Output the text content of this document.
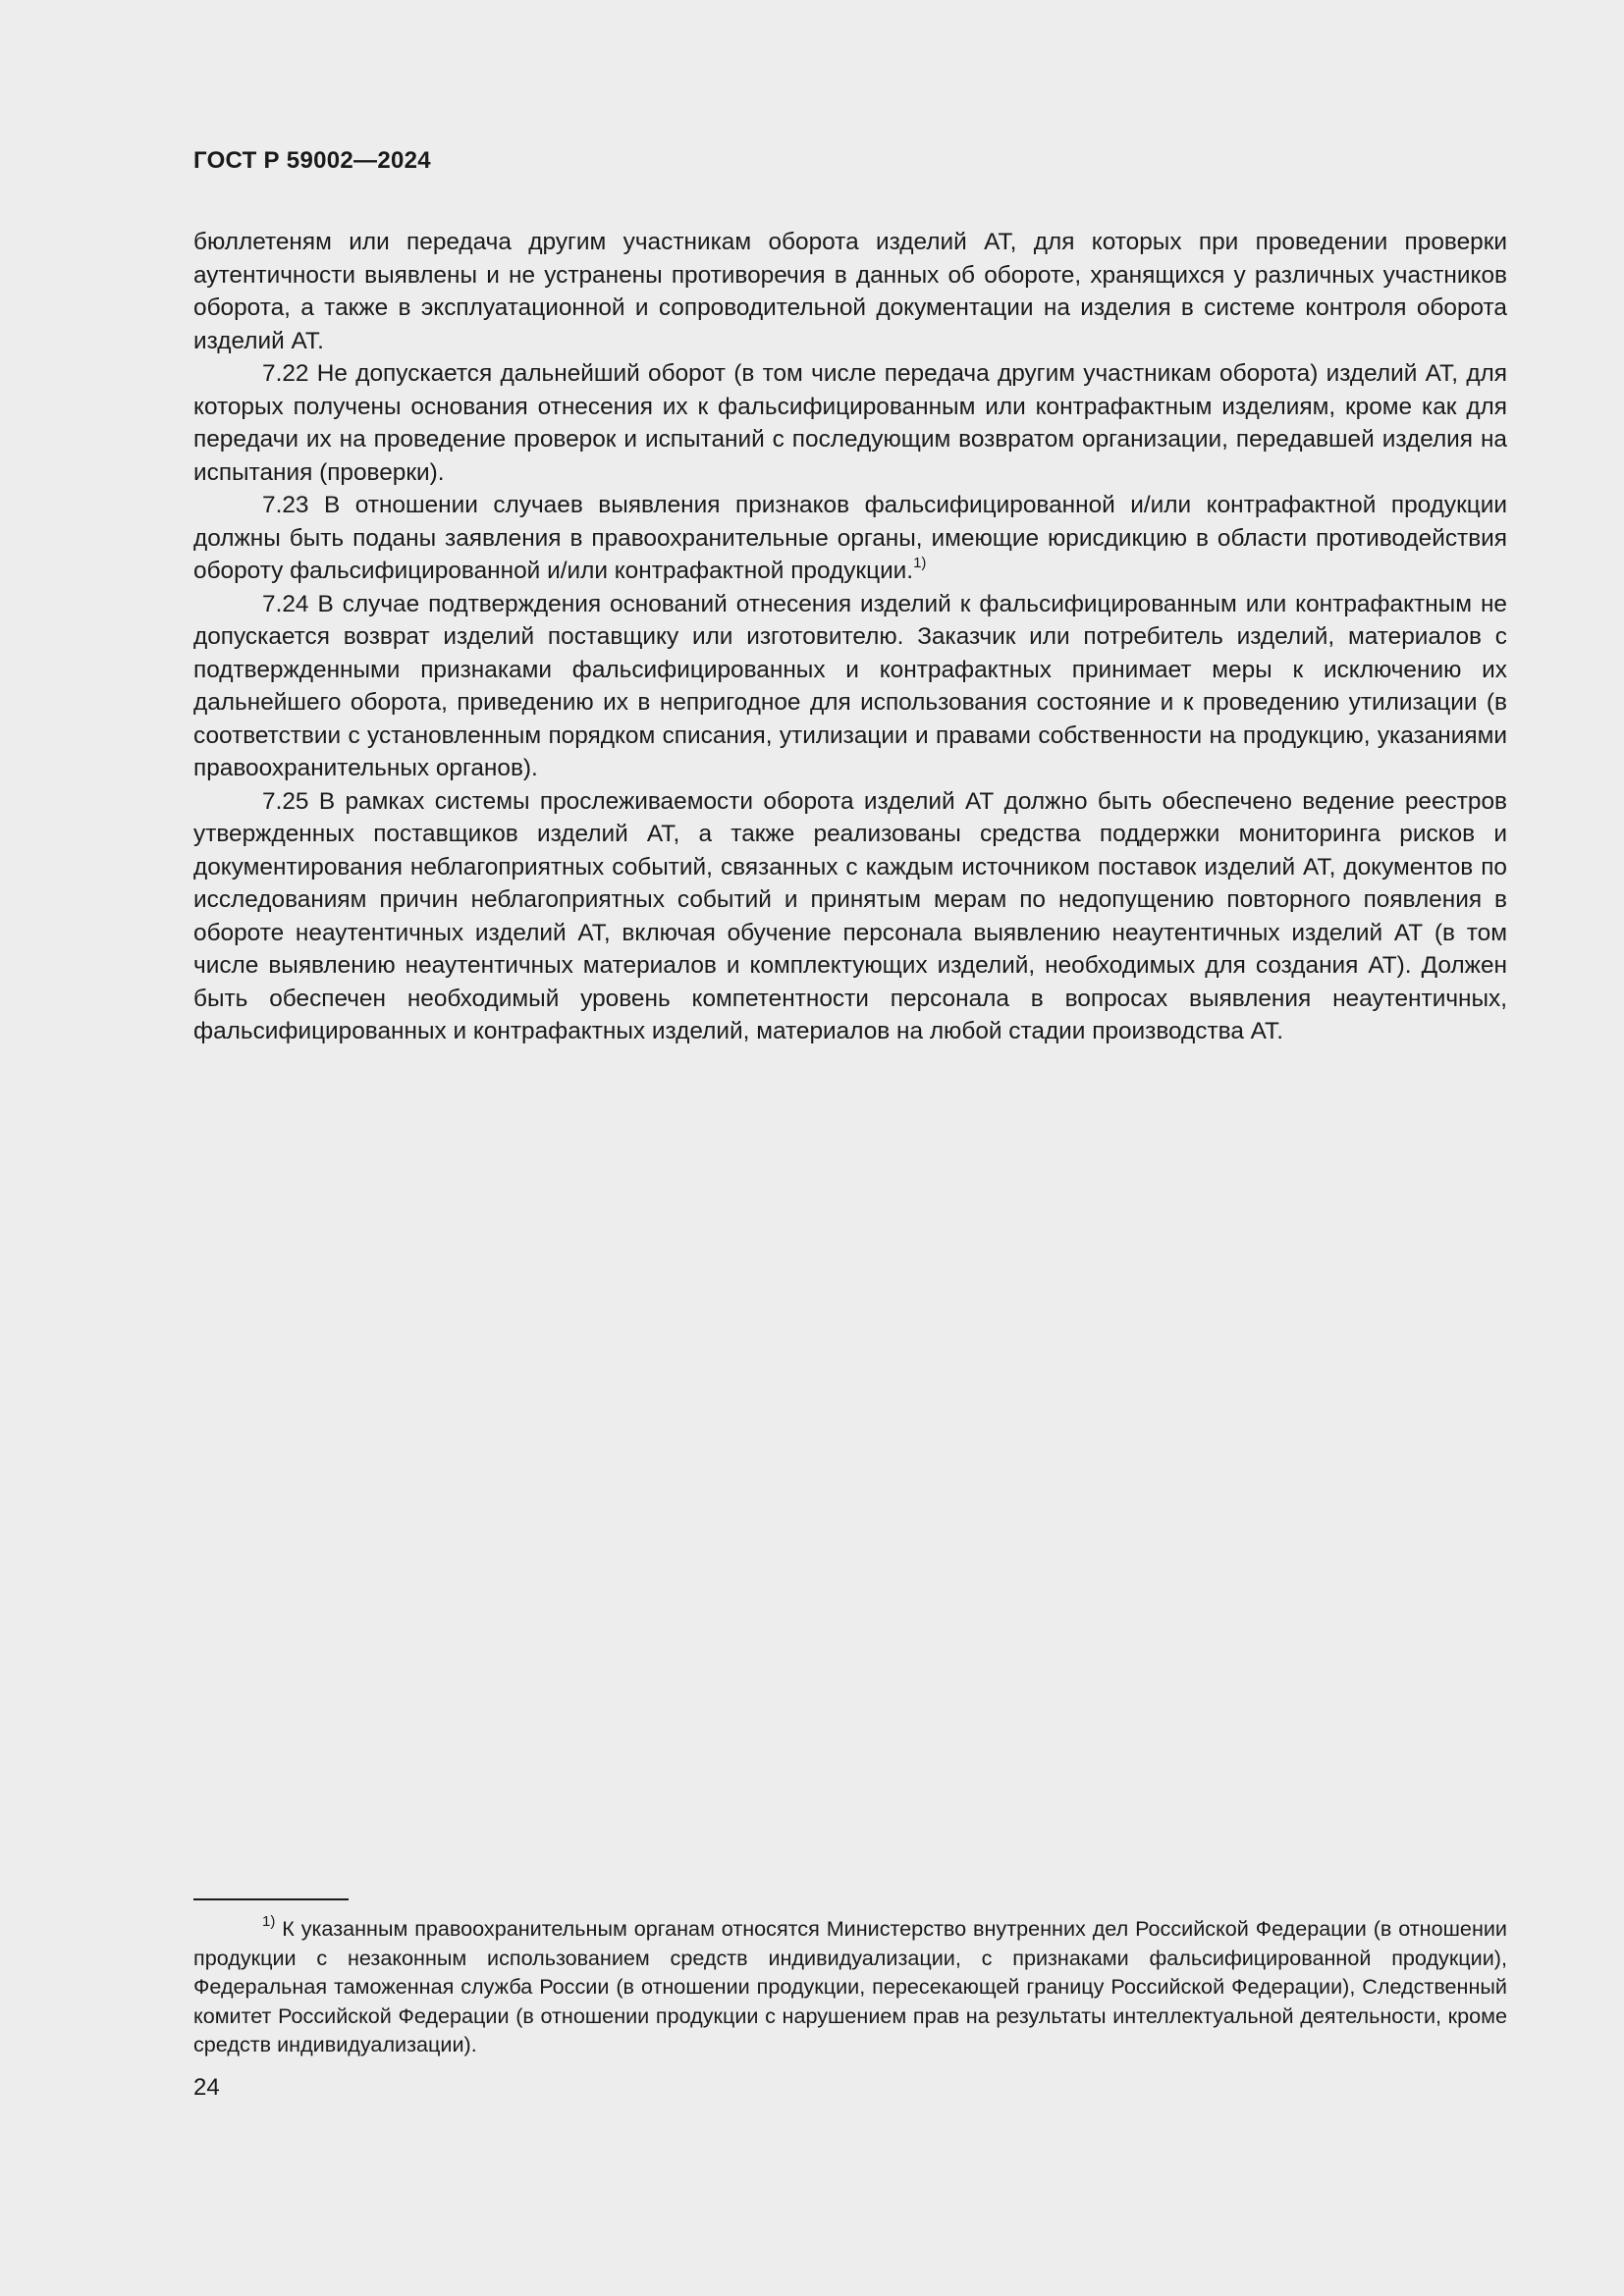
ГОСТ Р 59002—2024

бюллетеням или передача другим участникам оборота изделий АТ, для которых при проведении проверки аутентичности выявлены и не устранены противоречия в данных об обороте, хранящихся у различных участников оборота, а также в эксплуатационной и сопроводительной документации на изделия в системе контроля оборота изделий АТ.

7.22 Не допускается дальнейший оборот (в том числе передача другим участникам оборота) изделий АТ, для которых получены основания отнесения их к фальсифицированным или контрафактным изделиям, кроме как для передачи их на проведение проверок и испытаний с последующим возвратом организации, передавшей изделия на испытания (проверки).

7.23 В отношении случаев выявления признаков фальсифицированной и/или контрафактной продукции должны быть поданы заявления в правоохранительные органы, имеющие юрисдикцию в области противодействия обороту фальсифицированной и/или контрафактной продукции.$^{1)}$

7.24 В случае подтверждения оснований отнесения изделий к фальсифицированным или контрафактным не допускается возврат изделий поставщику или изготовителю. Заказчик или потребитель изделий, материалов с подтвержденными признаками фальсифицированных и контрафактных принимает меры к исключению их дальнейшего оборота, приведению их в непригодное для использования состояние и к проведению утилизации (в соответствии с установленным порядком списания, утилизации и правами собственности на продукцию, указаниями правоохранительных органов).

7.25 В рамках системы прослеживаемости оборота изделий АТ должно быть обеспечено ведение реестров утвержденных поставщиков изделий АТ, а также реализованы средства поддержки мониторинга рисков и документирования неблагоприятных событий, связанных с каждым источником поставок изделий АТ, документов по исследованиям причин неблагоприятных событий и принятым мерам по недопущению повторного появления в обороте неаутентичных изделий АТ, включая обучение персонала выявлению неаутентичных изделий АТ (в том числе выявлению неаутентичных материалов и комплектующих изделий, необходимых для создания АТ). Должен быть обеспечен необходимый уровень компетентности персонала в вопросах выявления неаутентичных, фальсифицированных и контрафактных изделий, материалов на любой стадии производства АТ.

$^{1)}$ К указанным правоохранительным органам относятся Министерство внутренних дел Российской Федерации (в отношении продукции с незаконным использованием средств индивидуализации, с признаками фальсифицированной продукции), Федеральная таможенная служба России (в отношении продукции, пересекающей границу Российской Федерации), Следственный комитет Российской Федерации (в отношении продукции с нарушением прав на результаты интеллектуальной деятельности, кроме средств индивидуализации).

24
